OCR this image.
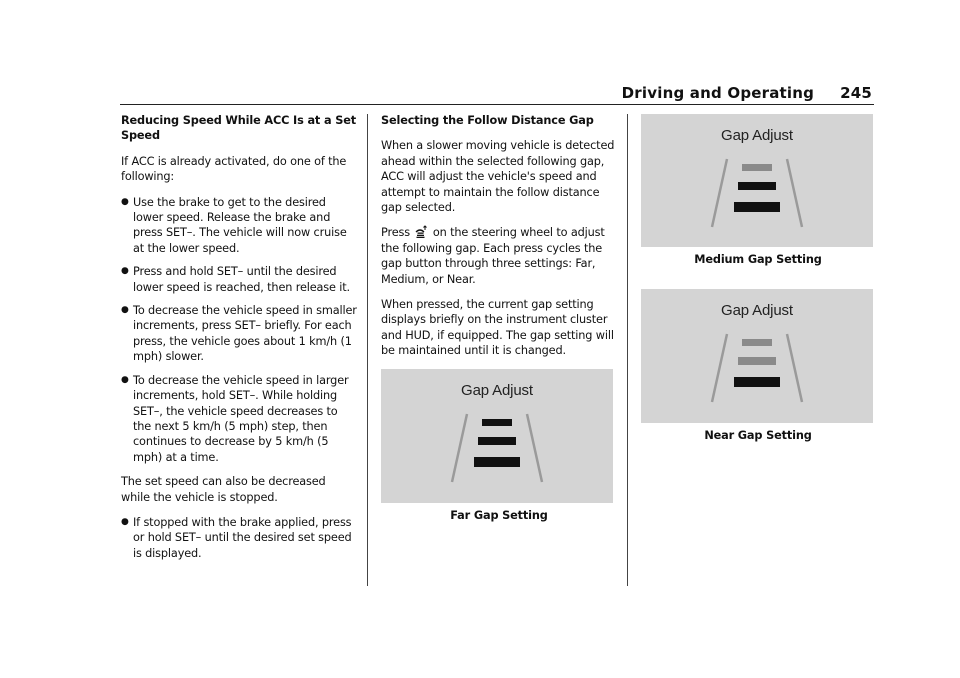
Driving and Operating 245
Reducing Speed While ACC Is at a Set Speed

If ACC is already activated, do one of the following:

● Use the brake to get to the desired lower speed. Release the brake and press SET–. The vehicle will now cruise at the lower speed.
● Press and hold SET– until the desired lower speed is reached, then release it.
● To decrease the vehicle speed in smaller increments, press SET– briefly. For each press, the vehicle goes about 1 km/h (1 mph) slower.
● To decrease the vehicle speed in larger increments, hold SET–. While holding SET–, the vehicle speed decreases to the next 5 km/h (5 mph) step, then continues to decrease by 5 km/h (5 mph) at a time.

The set speed can also be decreased while the vehicle is stopped.

● If stopped with the brake applied, press or hold SET– until the desired set speed is displayed.
Selecting the Follow Distance Gap

When a slower moving vehicle is detected ahead within the selected following gap, ACC will adjust the vehicle's speed and attempt to maintain the follow distance gap selected.

Press on the steering wheel to adjust the following gap. Each press cycles the gap button through three settings: Far, Medium, or Near.

When pressed, the current gap setting displays briefly on the instrument cluster and HUD, if equipped. The gap setting will be maintained until it is changed.

Gap Adjust
Far Gap Setting
Gap Adjust
Medium Gap Setting
Gap Adjust
Near Gap Setting
